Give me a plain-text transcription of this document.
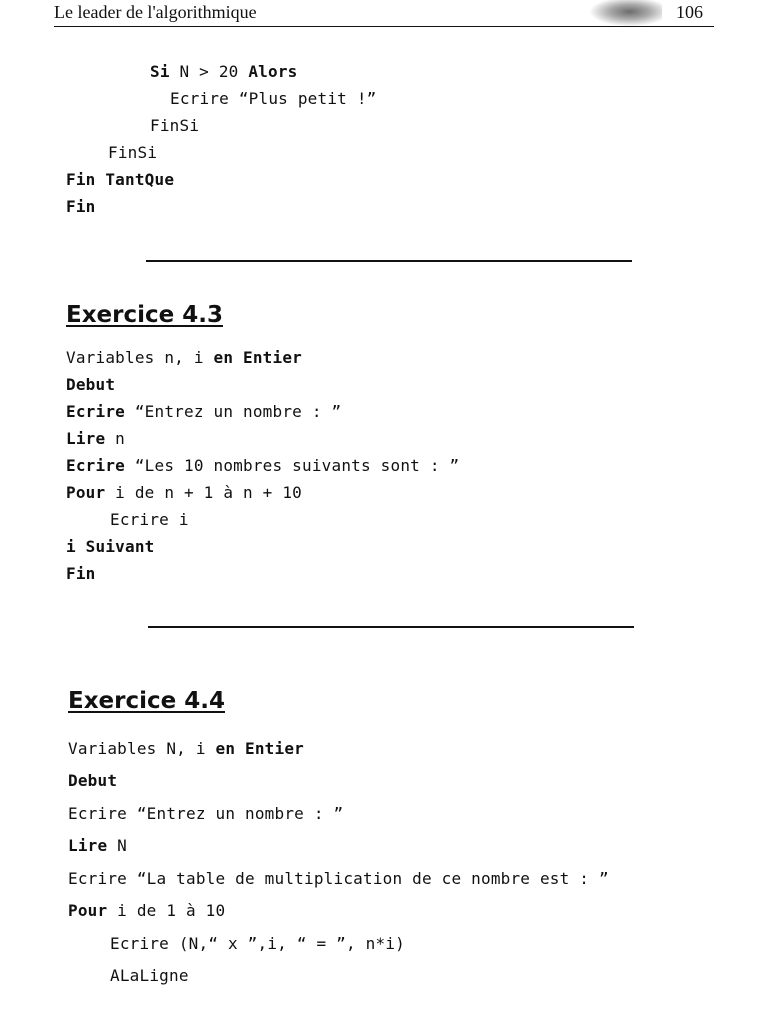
Le leader de l'algorithmique	106
Si N > 20 Alors
Ecrire “Plus petit !”
FinSi
FinSi
Fin TantQue
Fin
Exercice 4.3
Variables n, i en Entier
Debut
Ecrire “Entrez un nombre : ”
Lire n
Ecrire “Les 10 nombres suivants sont : ”
Pour i de n + 1 à n + 10
Ecrire i
i Suivant
Fin
Exercice 4.4
Variables N, i en Entier
Debut
Ecrire “Entrez un nombre : ”
Lire N
Ecrire “La table de multiplication de ce nombre est : ”
Pour i de 1 à 10
Ecrire (N,“ x ”,i, “ = ”, n*i)
ALaLigne
